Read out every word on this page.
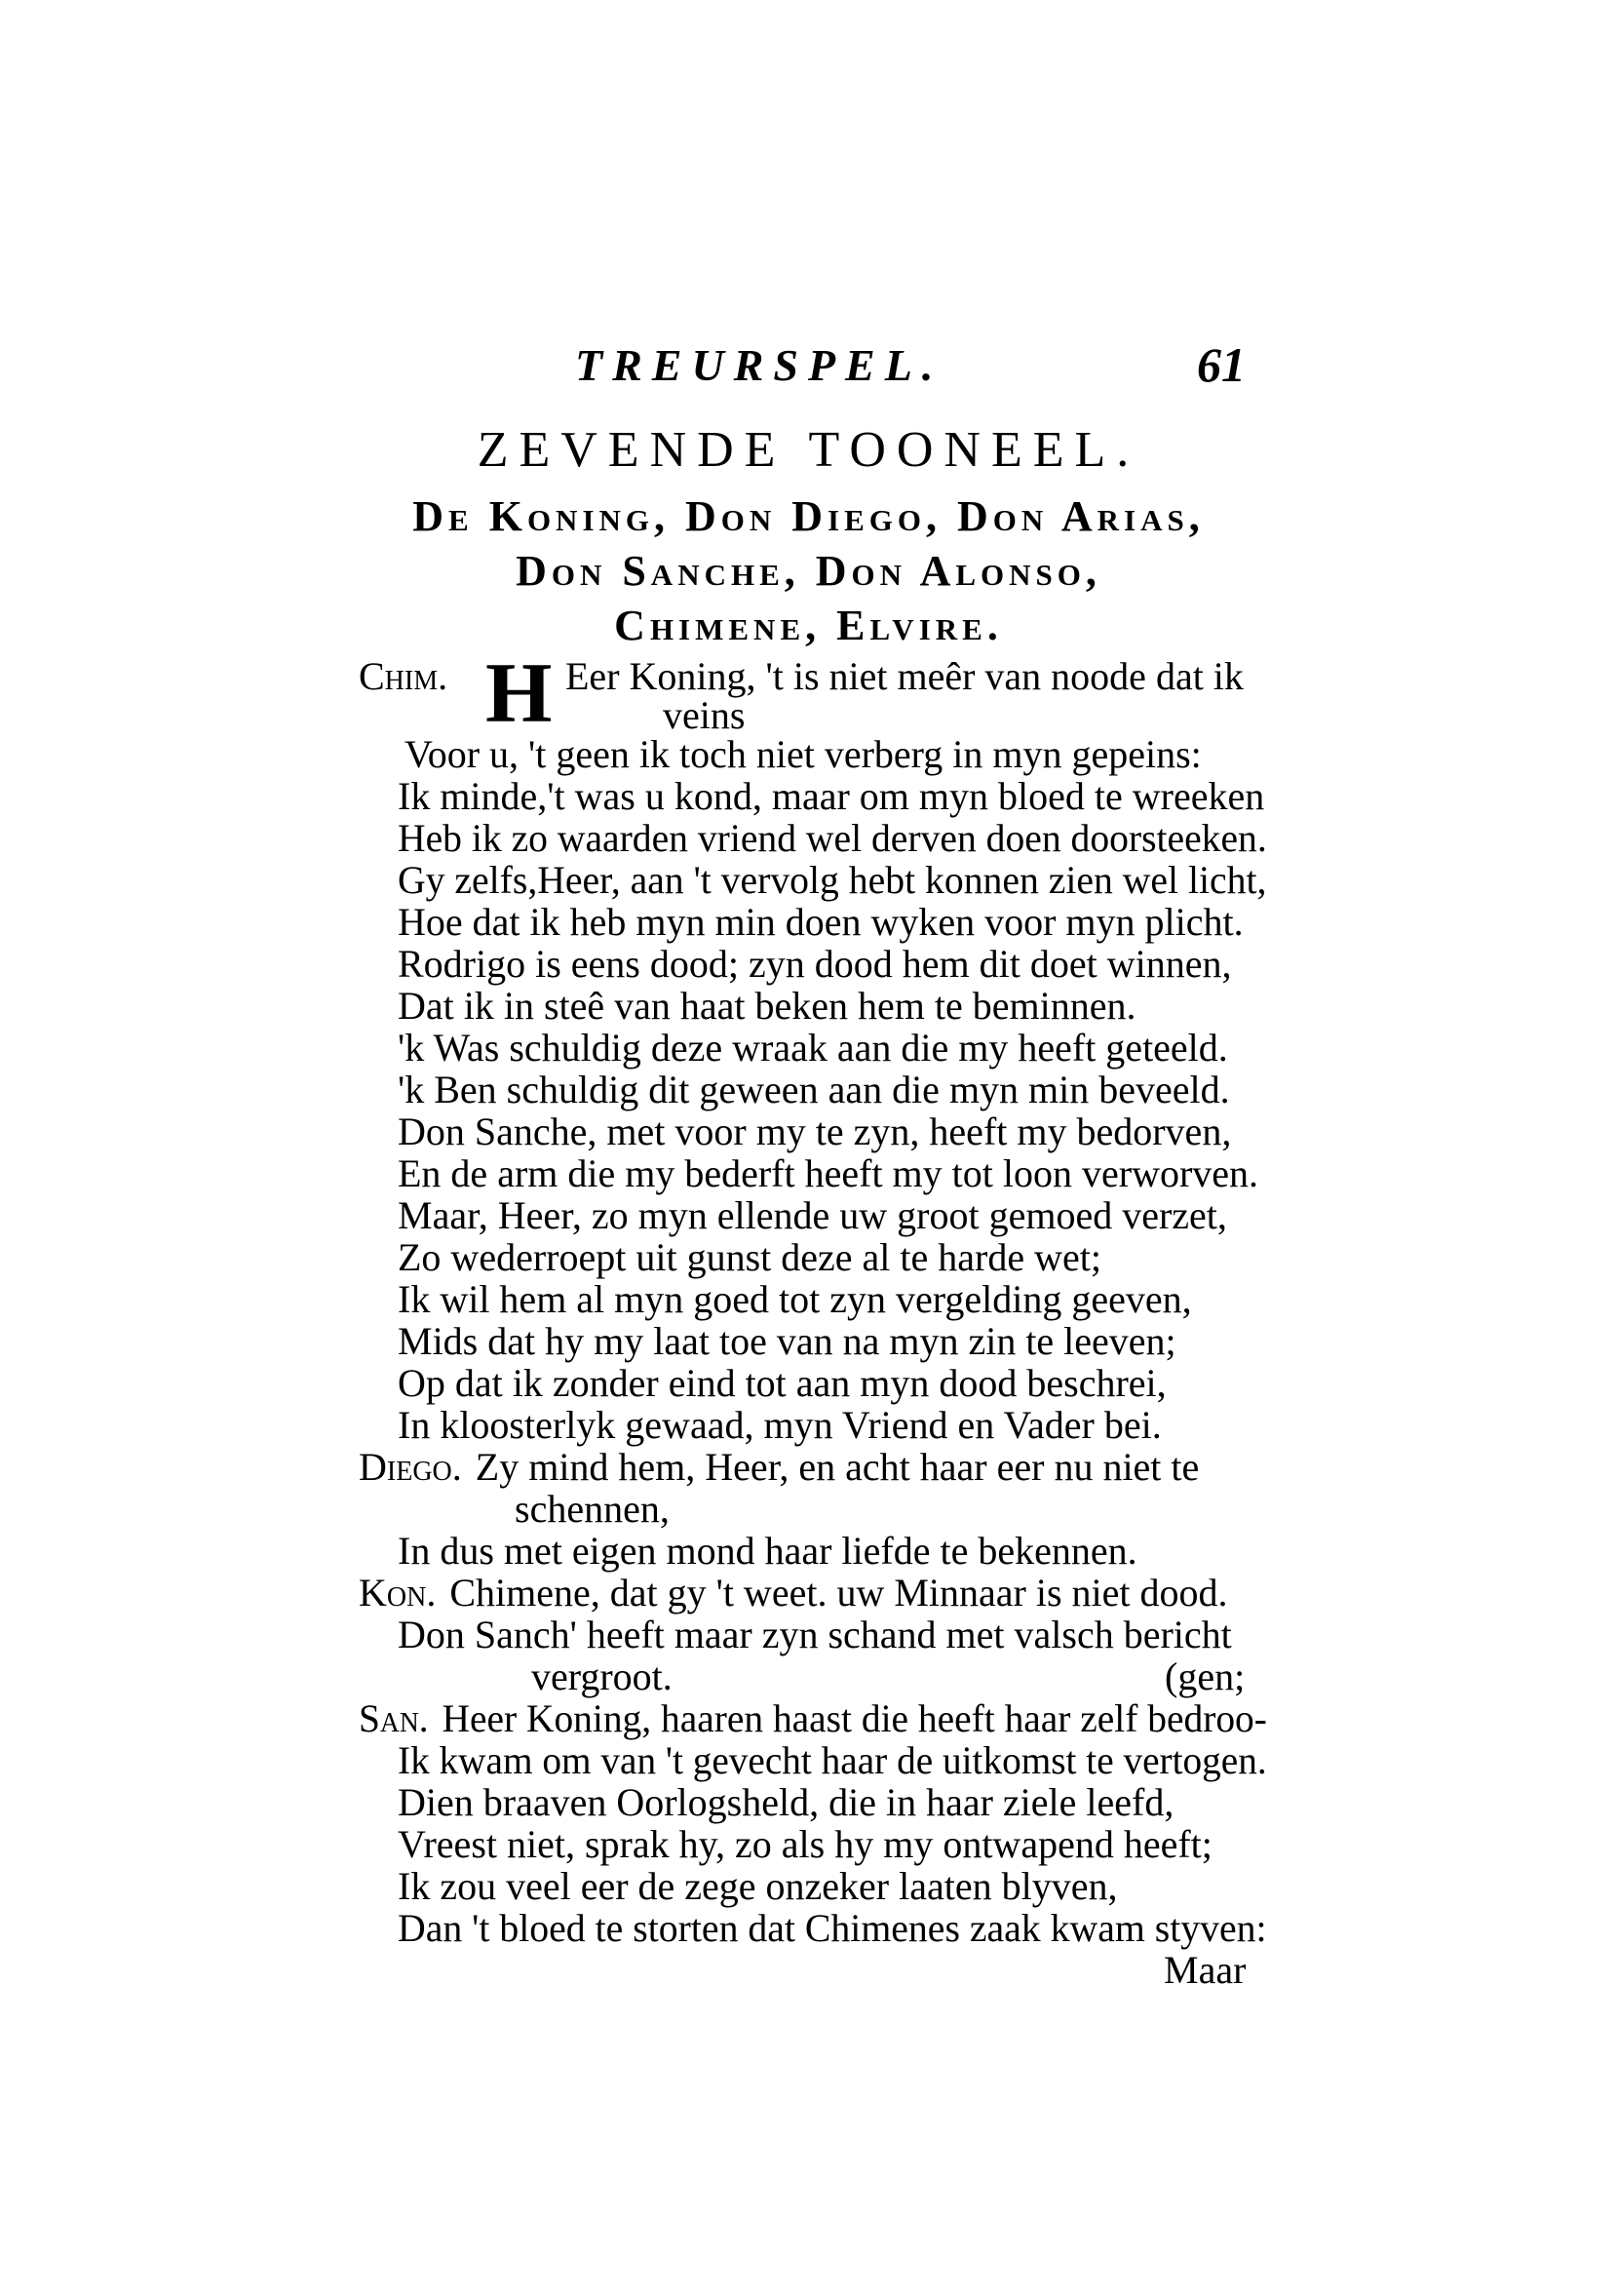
TREURSPEL.	61
ZEVENDE TOONEEL.
De Koning, Don Diego, Don Arias,
Don Sanche, Don Alonso,
Chimene, Elvire.
Chim. H Eer Koning, 't is niet meêr van noode dat ik
veins
Voor u, 't geen ik toch niet verberg in myn gepeins:
Ik minde,'t was u kond, maar om myn bloed te wreeken
Heb ik zo waarden vriend wel derven doen doorsteeken.
Gy zelfs,Heer, aan 't vervolg hebt konnen zien wel licht,
Hoe dat ik heb myn min doen wyken voor myn plicht.
Rodrigo is eens dood; zyn dood hem dit doet winnen,
Dat ik in steê van haat beken hem te beminnen.
'k Was schuldig deze wraak aan die my heeft geteeld.
'k Ben schuldig dit geween aan die myn min beveeld.
Don Sanche, met voor my te zyn, heeft my bedorven,
En de arm die my bederft heeft my tot loon verworven.
Maar, Heer, zo myn ellende uw groot gemoed verzet,
Zo wederroept uit gunst deze al te harde wet;
Ik wil hem al myn goed tot zyn vergelding geeven,
Mids dat hy my laat toe van na myn zin te leeven;
Op dat ik zonder eind tot aan myn dood beschrei,
In kloosterlyk gewaad, myn Vriend en Vader bei.
Diego. Zy mind hem, Heer, en acht haar eer nu niet te
schennen,
In dus met eigen mond haar liefde te bekennen.
Kon. Chimene, dat gy 't weet. uw Minnaar is niet dood.
Don Sanch' heeft maar zyn schand met valsch bericht
vergroot.	(gen;
San. Heer Koning, haaren haast die heeft haar zelf bedroo-
Ik kwam om van 't gevecht haar de uitkomst te vertogen.
Dien braaven Oorlogsheld, die in haar ziele leefd,
Vreest niet, sprak hy, zo als hy my ontwapend heeft;
Ik zou veel eer de zege onzeker laaten blyven,
Dan 't bloed te storten dat Chimenes zaak kwam styven:
Maar
